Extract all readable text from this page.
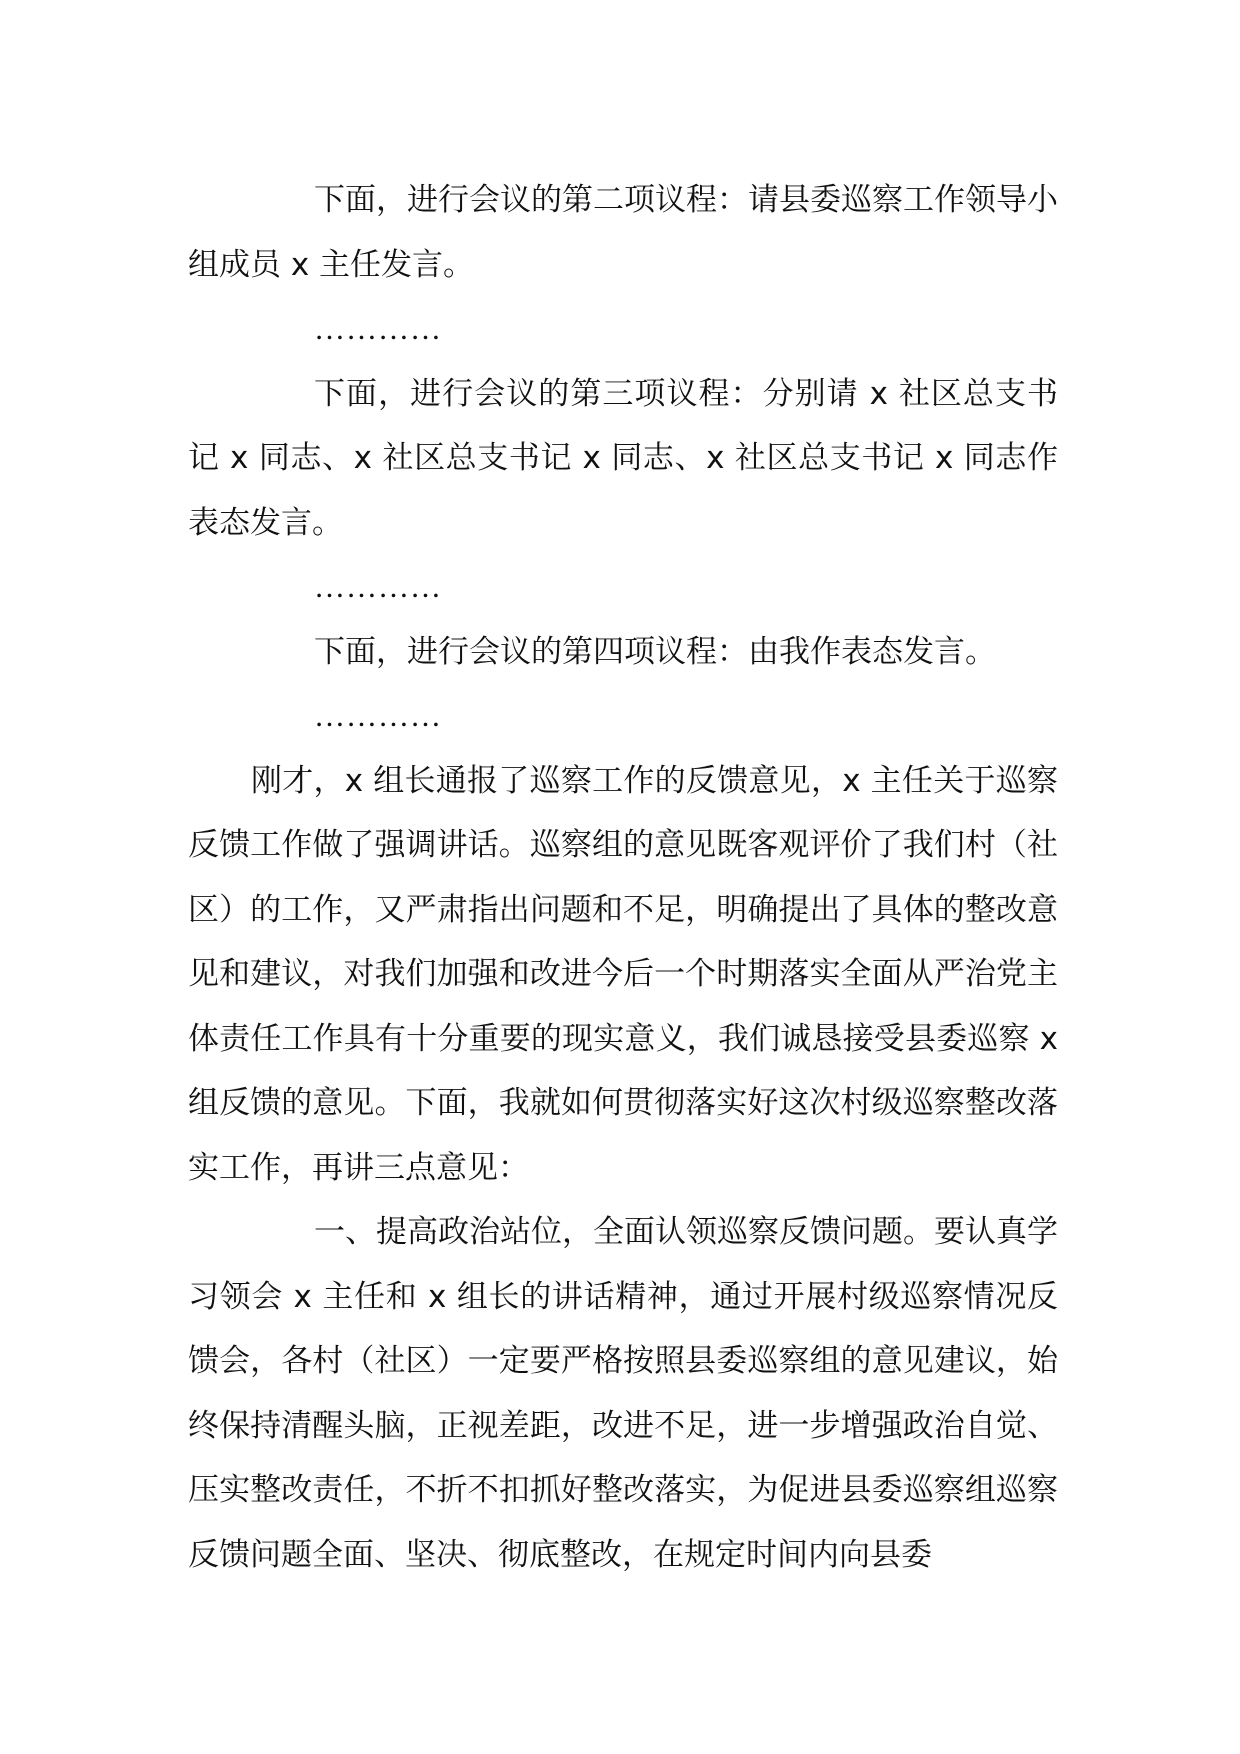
下面，进行会议的第二项议程：请县委巡察工作领导小组成员 x 主任发言。

…………

下面，进行会议的第三项议程：分别请 x 社区总支书记 x 同志、x 社区总支书记 x 同志、x 社区总支书记 x 同志作表态发言。

…………

下面，进行会议的第四项议程：由我作表态发言。

…………

刚才，x 组长通报了巡察工作的反馈意见，x 主任关于巡察反馈工作做了强调讲话。巡察组的意见既客观评价了我们村（社区）的工作，又严肃指出问题和不足，明确提出了具体的整改意见和建议，对我们加强和改进今后一个时期落实全面从严治党主体责任工作具有十分重要的现实意义，我们诚恳接受县委巡察 x 组反馈的意见。下面，我就如何贯彻落实好这次村级巡察整改落实工作，再讲三点意见：

一、提高政治站位，全面认领巡察反馈问题。要认真学习领会 x 主任和 x 组长的讲话精神，通过开展村级巡察情况反馈会，各村（社区）一定要严格按照县委巡察组的意见建议，始终保持清醒头脑，正视差距，改进不足，进一步增强政治自觉、压实整改责任，不折不扣抓好整改落实，为促进县委巡察组巡察反馈问题全面、坚决、彻底整改，在规定时间内向县委
